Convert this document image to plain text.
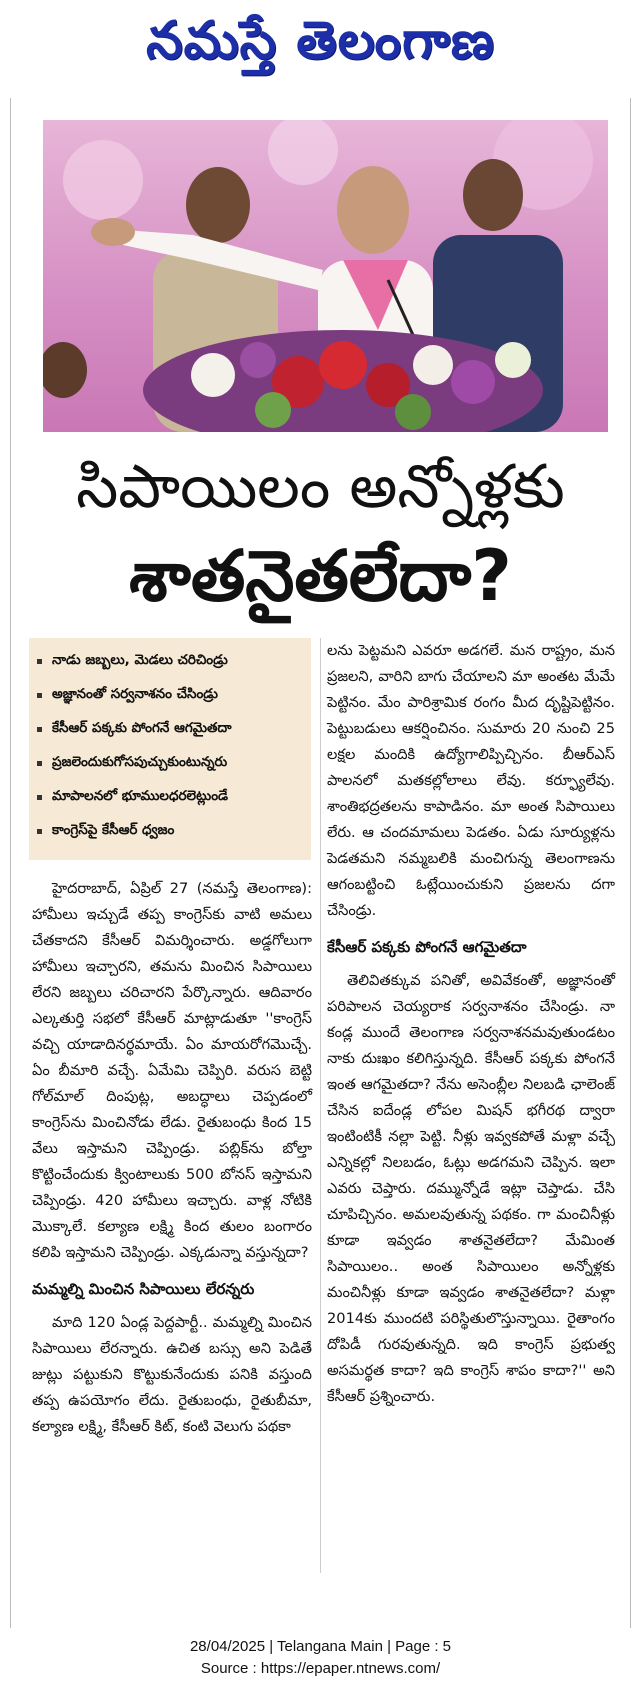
నమస్తే తెలంగాణ
సిపాయిలం అన్నోళ్లకు
శాతనైతలేదా?
నాడు జబ్బలు, మెడలు చరిచిండ్రు
అజ్ఞానంతో సర్వనాశనం చేసిండ్రు
కేసీఆర్ పక్కకు పోంగనే ఆగమైతదా
ప్రజలెందుకుగోసపుచ్చుకుంటున్నరు
మాపాలనలో భూములధరలెట్లుండే
కాంగ్రెస్‌పై కేసీఆర్ ధ్వజం

హైదరాబాద్, ఏప్రిల్ 27 (నమస్తే తెలంగాణ): హామీలు ఇచ్చుడే తప్ప కాంగ్రెస్‌కు వాటి అమలు చేతకాదని కేసీఆర్ విమర్శించారు. అడ్డగోలుగా హామీలు ఇచ్చారని, తమను మించిన సిపాయిలు లేరని జబ్బలు చరిచారని పేర్కొన్నారు. ఆదివారం ఎల్కతుర్తి సభలో కేసీఆర్ మాట్లాడుతూ ''కాంగ్రెస్ వచ్చి యాడాదినర్థమాయే. ఏం మాయరోగమొచ్చే. ఏం బీమారి వచ్చే. ఏమేమి చెప్పిరి. వరుస బెట్టి గోల్‌మాల్ దింపుట్ల, అబద్ధాలు చెప్పడంలో కాంగ్రెస్‌ను మించినోడు లేడు. రైతుబంధు కింద 15 వేలు ఇస్తామని చెప్పిండ్రు. పబ్లిక్‌ను బోల్తా కొట్టించేందుకు క్వింటాలుకు 500 బోనస్ ఇస్తామని చెప్పిండ్రు. 420 హామీలు ఇచ్చారు. వాళ్ల నోటికి మొక్కాలే. కల్యాణ లక్ష్మి కింద తులం బంగారం కలిపి ఇస్తామని చెప్పిండ్రు. ఎక్కడున్నా వస్తున్నదా?

మమ్మల్ని మించిన సిపాయిలు లేరన్నరు

మాది 120 ఏండ్ల పెద్దపార్టీ.. మమ్మల్ని మించిన సిపాయిలు లేరన్నారు. ఉచిత బస్సు అని పెడితే జుట్లు పట్టుకుని కొట్టుకునేందుకు పనికి వస్తుంది తప్ప ఉపయోగం లేదు. రైతుబంధు, రైతుబీమా, కల్యాణ లక్ష్మి, కేసీఆర్ కిట్, కంటి వెలుగు పథకా

లను పెట్టమని ఎవరూ అడగలే. మన రాష్ట్రం, మన ప్రజలని, వారిని బాగు చేయాలని మా అంతట మేమే పెట్టినం. మేం పారిశ్రామిక రంగం మీద దృష్టిపెట్టినం. పెట్టుబడులు ఆకర్షించినం. సుమారు 20 నుంచి 25 లక్షల మందికి ఉద్యోగాలిప్పిచ్చినం. బీఆర్‌ఎస్ పాలనలో మతకల్లోలాలు లేవు. కర్ఫ్యూలేవు. శాంతిభద్రతలను కాపాడినం. మా అంత సిపాయిలు లేరు. ఆ చందమామలు పెడతం. ఏడు సూర్యుళ్లను పెడతమని నమ్మబలికి మంచిగున్న తెలంగాణను ఆగంబట్టించి ఓట్లేయించుకుని ప్రజలను దగా చేసిండ్రు.

కేసీఆర్ పక్కకు పోంగనే ఆగమైతదా

తెలివితక్కువ పనితో, అవివేకంతో, అజ్ఞానంతో పరిపాలన చెయ్యరాక సర్వనాశనం చేసిండ్రు. నా కండ్ల ముందే తెలంగాణ సర్వనాశనమవుతుండటం నాకు దుఃఖం కలిగిస్తున్నది. కేసీఆర్ పక్కకు పోంగనే ఇంత ఆగమైతదా? నేను అసెంబ్లీల నిలబడి ఛాలెంజ్ చేసిన ఐదేండ్ల లోపల మిషన్ భగీరథ ద్వారా ఇంటింటికీ నల్లా పెట్టి. నీళ్లు ఇవ్వకపోతే మళ్లా వచ్చే ఎన్నికల్లో నిలబడం, ఓట్లు అడగమని చెప్పిన. ఇలా ఎవరు చెప్తారు. దమ్మున్నోడే ఇట్లా చెప్తాడు. చేసి చూపిచ్చినం. అమలవుతున్న పథకం. గా మంచినీళ్లు కూడా ఇవ్వడం శాతనైతలేదా? మేమింత సిపాయిలం.. అంత సిపాయిలం అన్నోళ్లకు మంచినీళ్లు కూడా ఇవ్వడం శాతనైతలేదా? మళ్లా 2014కు ముందటి పరిస్థితులొస్తున్నాయి. రైతాంగం దోపిడీ గురవుతున్నది. ఇది కాంగ్రెస్ ప్రభుత్వ అసమర్థత కాదా? ఇది కాంగ్రెస్ శాపం కాదా?'' అని కేసీఆర్ ప్రశ్నించారు.

28/04/2025 | Telangana Main | Page : 5
Source : https://epaper.ntnews.com/
